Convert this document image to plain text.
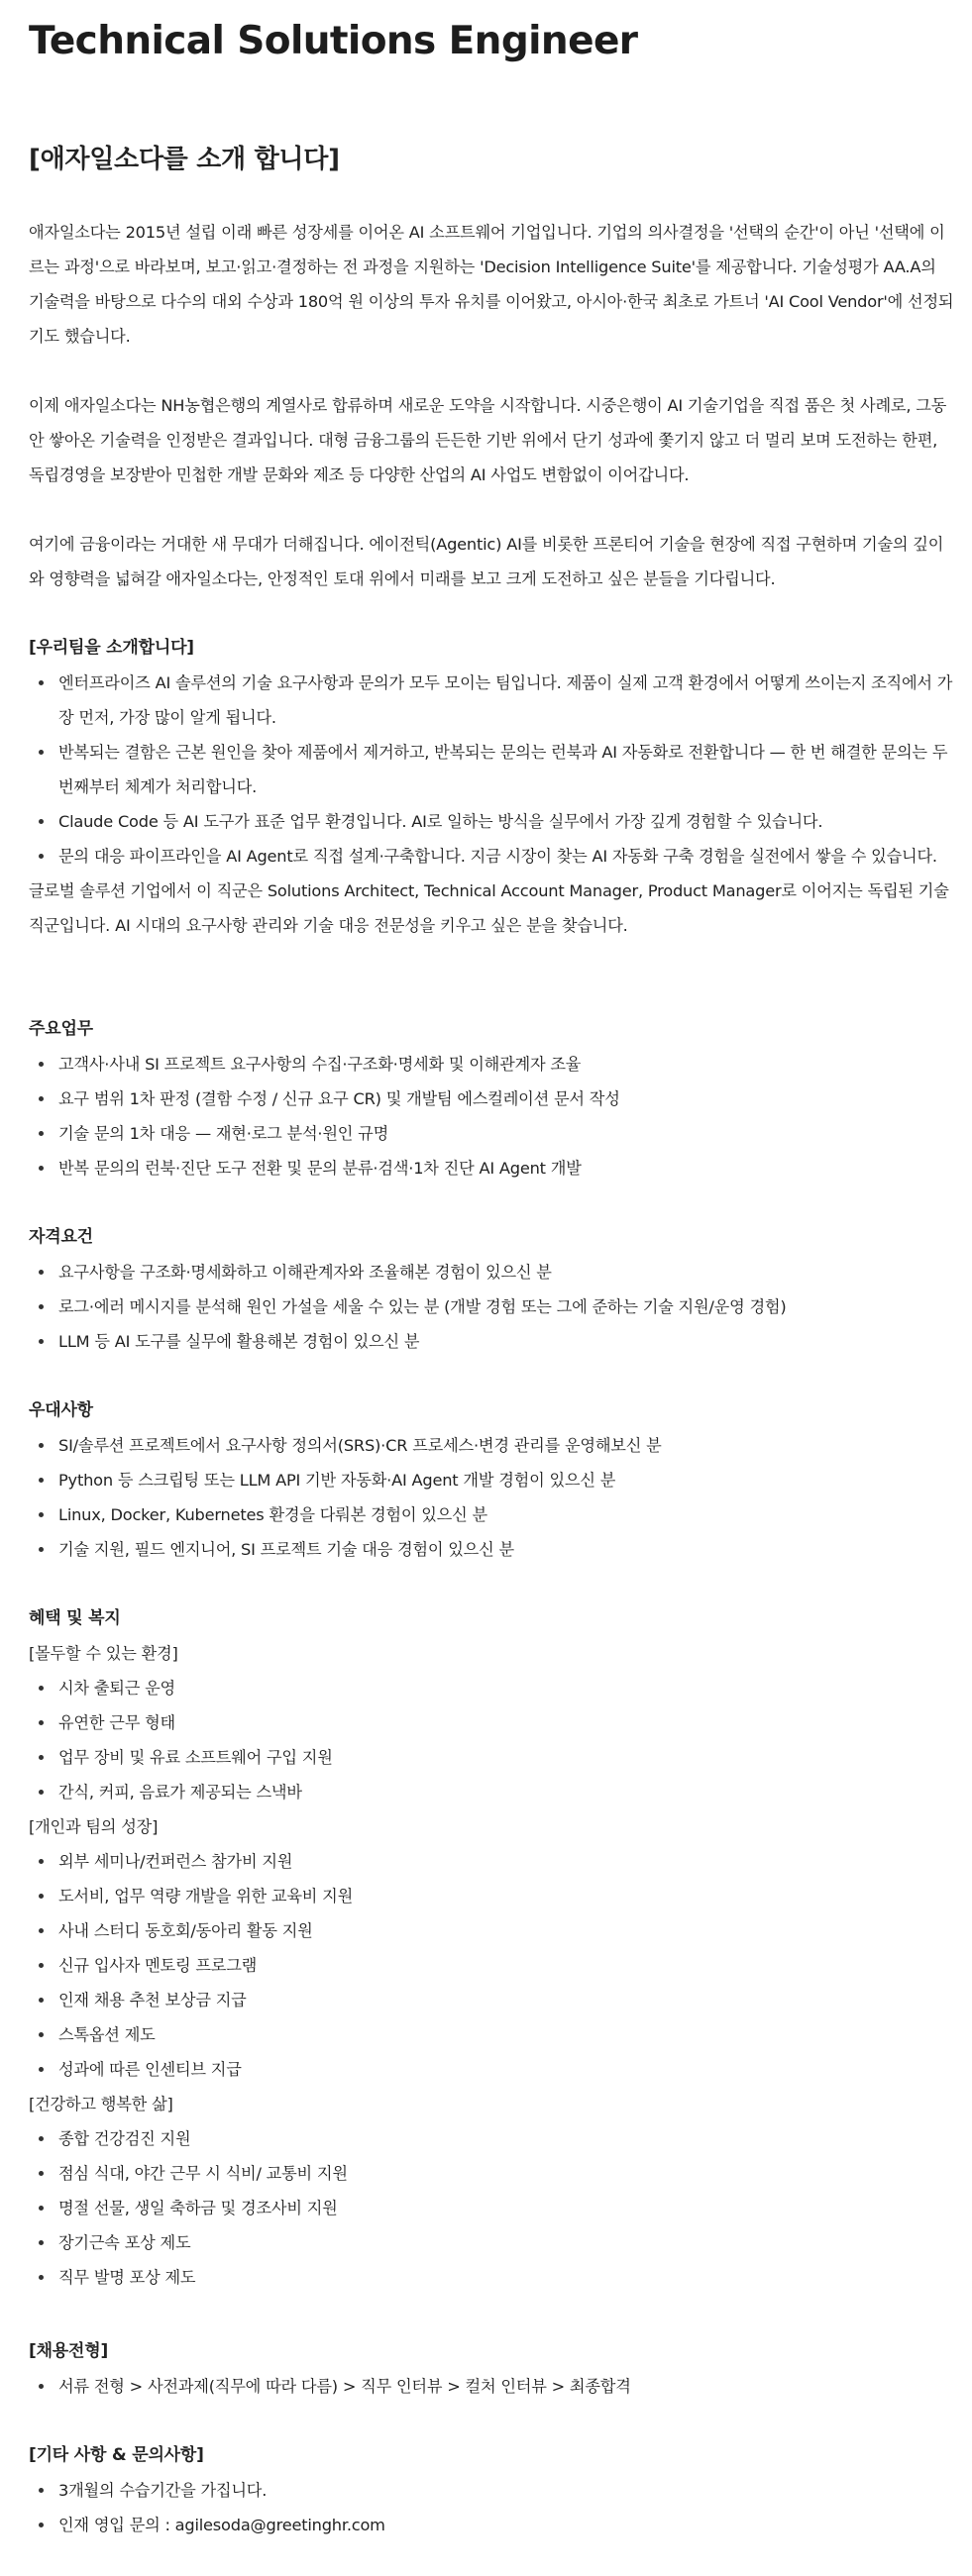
Technical Solutions Engineer
[애자일소다를 소개 합니다]

애자일소다는 2015년 설립 이래 빠른 성장세를 이어온 AI 소프트웨어 기업입니다. 기업의 의사결정을 '선택의 순간'이 아닌 '선택에 이르는 과정'으로 바라보며, 보고·읽고·결정하는 전 과정을 지원하는 'Decision Intelligence Suite'를 제공합니다. 기술성평가 AA.A의 기술력을 바탕으로 다수의 대외 수상과 180억 원 이상의 투자 유치를 이어왔고, 아시아·한국 최초로 가트너 'AI Cool Vendor'에 선정되기도 했습니다.

이제 애자일소다는 NH농협은행의 계열사로 합류하며 새로운 도약을 시작합니다. 시중은행이 AI 기술기업을 직접 품은 첫 사례로, 그동안 쌓아온 기술력을 인정받은 결과입니다. 대형 금융그룹의 든든한 기반 위에서 단기 성과에 쫓기지 않고 더 멀리 보며 도전하는 한편, 독립경영을 보장받아 민첩한 개발 문화와 제조 등 다양한 산업의 AI 사업도 변함없이 이어갑니다.

여기에 금융이라는 거대한 새 무대가 더해집니다. 에이전틱(Agentic) AI를 비롯한 프론티어 기술을 현장에 직접 구현하며 기술의 깊이와 영향력을 넓혀갈 애자일소다는, 안정적인 토대 위에서 미래를 보고 크게 도전하고 싶은 분들을 기다립니다.

[우리팀을 소개합니다]

엔터프라이즈 AI 솔루션의 기술 요구사항과 문의가 모두 모이는 팀입니다. 제품이 실제 고객 환경에서 어떻게 쓰이는지 조직에서 가장 먼저, 가장 많이 알게 됩니다.
반복되는 결함은 근본 원인을 찾아 제품에서 제거하고, 반복되는 문의는 런북과 AI 자동화로 전환합니다 — 한 번 해결한 문의는 두 번째부터 체계가 처리합니다.
Claude Code 등 AI 도구가 표준 업무 환경입니다. AI로 일하는 방식을 실무에서 가장 깊게 경험할 수 있습니다.
문의 대응 파이프라인을 AI Agent로 직접 설계·구축합니다. 지금 시장이 찾는 AI 자동화 구축 경험을 실전에서 쌓을 수 있습니다.

글로벌 솔루션 기업에서 이 직군은 Solutions Architect, Technical Account Manager, Product Manager로 이어지는 독립된 기술 직군입니다. AI 시대의 요구사항 관리와 기술 대응 전문성을 키우고 싶은 분을 찾습니다.

주요업무

고객사·사내 SI 프로젝트 요구사항의 수집·구조화·명세화 및 이해관계자 조율
요구 범위 1차 판정 (결함 수정 / 신규 요구 CR) 및 개발팀 에스컬레이션 문서 작성
기술 문의 1차 대응 — 재현·로그 분석·원인 규명
반복 문의의 런북·진단 도구 전환 및 문의 분류·검색·1차 진단 AI Agent 개발

자격요건

요구사항을 구조화·명세화하고 이해관계자와 조율해본 경험이 있으신 분
로그·에러 메시지를 분석해 원인 가설을 세울 수 있는 분 (개발 경험 또는 그에 준하는 기술 지원/운영 경험)
LLM 등 AI 도구를 실무에 활용해본 경험이 있으신 분

우대사항

SI/솔루션 프로젝트에서 요구사항 정의서(SRS)·CR 프로세스·변경 관리를 운영해보신 분
Python 등 스크립팅 또는 LLM API 기반 자동화·AI Agent 개발 경험이 있으신 분
Linux, Docker, Kubernetes 환경을 다뤄본 경험이 있으신 분
기술 지원, 필드 엔지니어, SI 프로젝트 기술 대응 경험이 있으신 분

혜택 및 복지

[몰두할 수 있는 환경]

시차 출퇴근 운영
유연한 근무 형태
업무 장비 및 유료 소프트웨어 구입 지원
간식, 커피, 음료가 제공되는 스낵바

[개인과 팀의 성장]

외부 세미나/컨퍼런스 참가비 지원
도서비, 업무 역량 개발을 위한 교육비 지원
사내 스터디 동호회/동아리 활동 지원
신규 입사자 멘토링 프로그램
인재 채용 추천 보상금 지급
스톡옵션 제도
성과에 따른 인센티브 지급

[건강하고 행복한 삶]

종합 건강검진 지원
점심 식대, 야간 근무 시 식비/ 교통비 지원
명절 선물, 생일 축하금 및 경조사비 지원
장기근속 포상 제도
직무 발명 포상 제도

[채용전형]

서류 전형 > 사전과제(직무에 따라 다름) > 직무 인터뷰 > 컬처 인터뷰 > 최종합격

[기타 사항 & 문의사항]

3개월의 수습기간을 가집니다.
인재 영입 문의 : agilesoda@greetinghr.com
